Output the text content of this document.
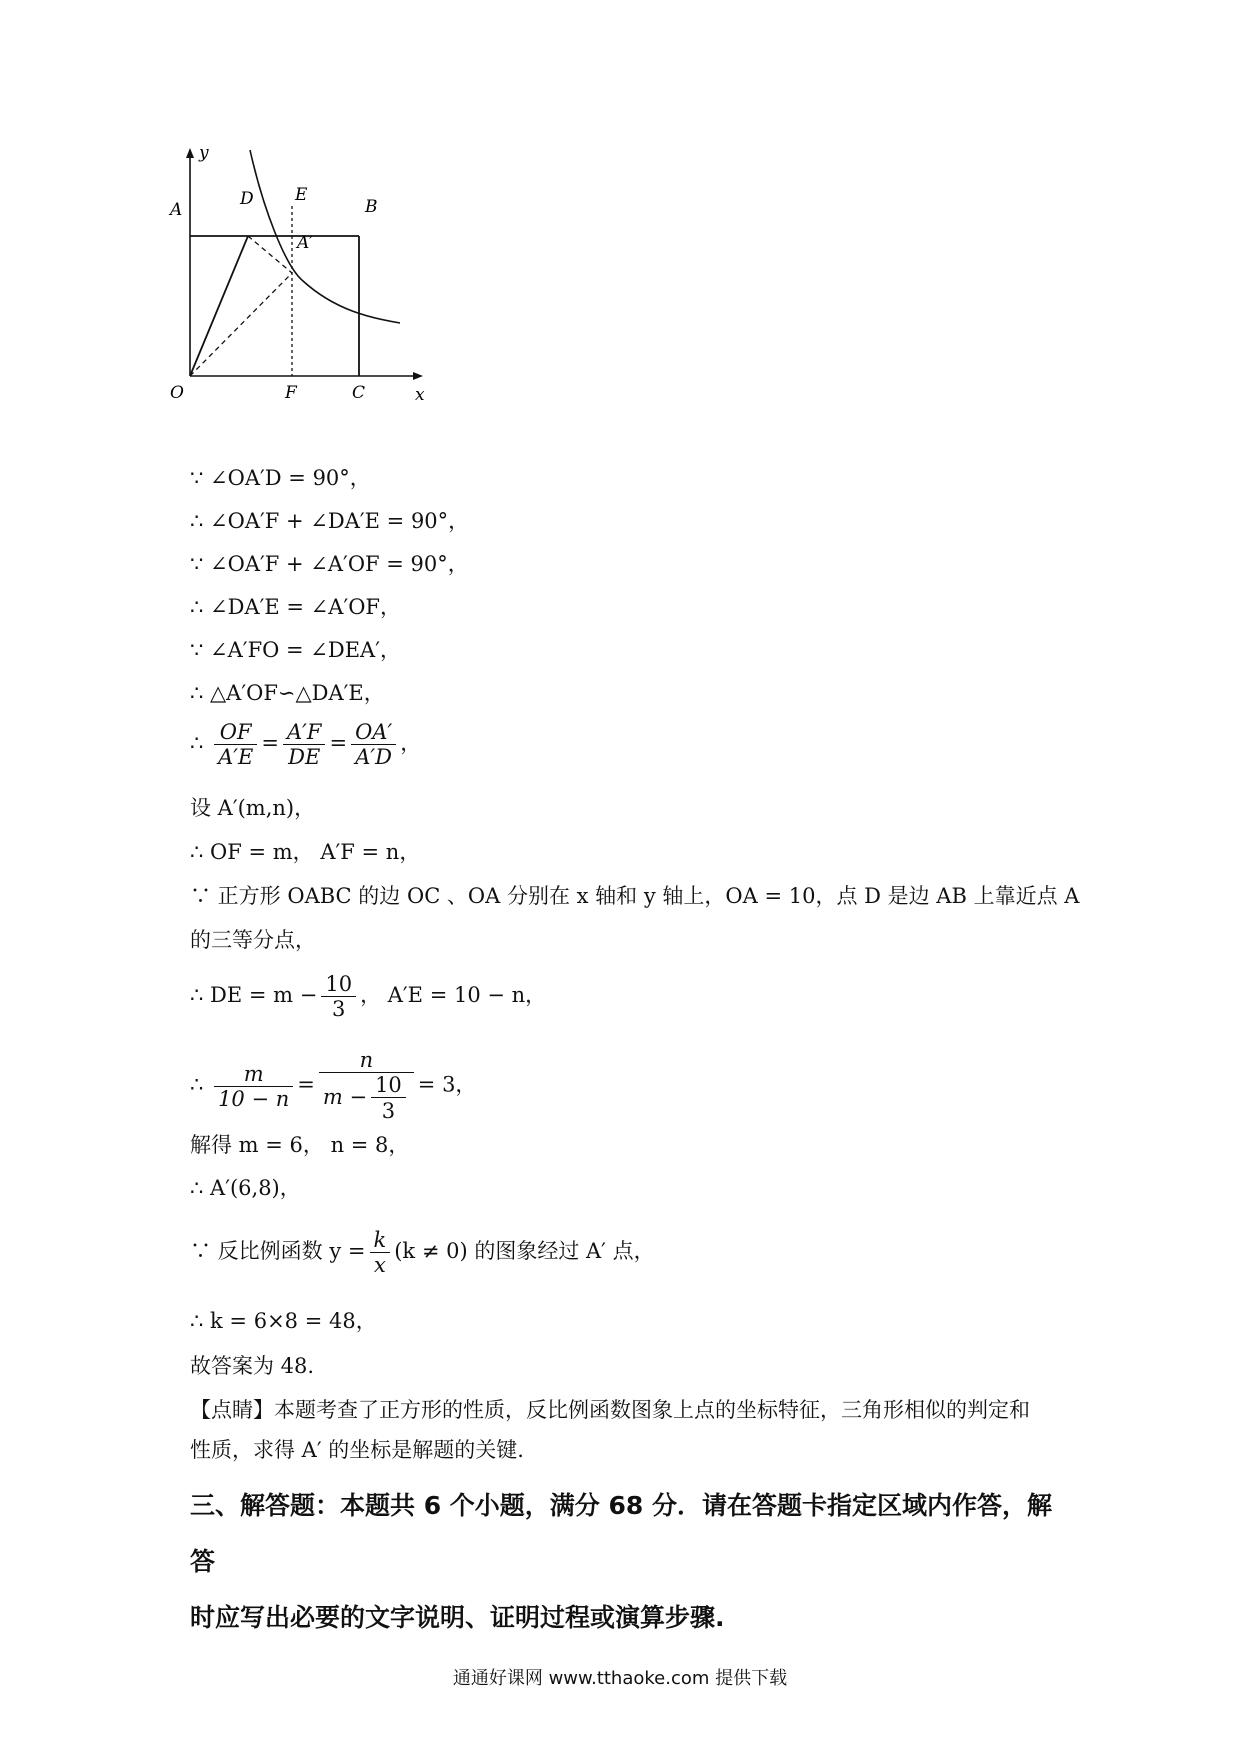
y
A
D E
B
A′
O	F	C	x
∵ ∠OA′D = 90°，
∴ ∠OA′F + ∠DA′E = 90°，
∵ ∠OA′F + ∠A′OF = 90°，
∴ ∠DA′E = ∠A′OF，
∵ ∠A′FO = ∠DEA′，
∴ △A′OF∽△DA′E，
∴ $\frac{OF}{A'E} = \frac{A'F}{DE} = \frac{OA'}{A'D}$ ，
设 A′(m,n)，
∴ OF = m， A′F = n，
∵ 正方形 OABC 的边 OC 、OA 分别在 x 轴和 y 轴上，OA = 10，点 D 是边 AB 上靠近点 A
的三等分点，
∴ DE = $m - \frac{10}{3}$ ， A′E = 10 − n，
∴ $\frac{m}{10 - n} = \frac{n}{m - \frac{10}{3}} = 3$，
解得 m = 6， n = 8，
∴ A′(6,8)，
∵ 反比例函数 $y = \frac{k}{x} (k \ne 0)$ 的图象经过 A′ 点，
∴ k = 6×8 = 48，
故答案为 48.
【点睛】本题考查了正方形的性质，反比例函数图象上点的坐标特征，三角形相似的判定和
性质，求得 A′ 的坐标是解题的关键.
三、解答题：本题共 6 个小题，满分 68 分．请在答题卡指定区域内作答，解答
时应写出必要的文字说明、证明过程或演算步骤.
通通好课网 www.tthaoke.com 提供下载
